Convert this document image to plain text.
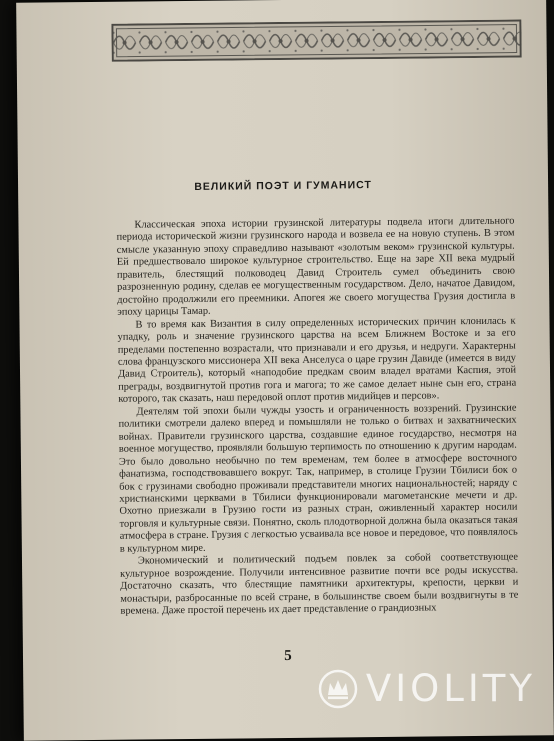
ВЕЛИКИЙ ПОЭТ И ГУМАНИСТ

Классическая эпоха истории грузинской литературы подвела итоги длительного периода исторической жизни грузинского народа и возвела ее на новую ступень. В этом смысле указанную эпоху справедливо называют «золотым веком» грузинской культуры. Ей предшествовало широкое культурное строительство. Еще на заре XII века мудрый правитель, блестящий полководец Давид Строитель сумел объединить свою разрозненную родину, сделав ее могущественным государством. Дело, начатое Давидом, достойно продолжили его преемники. Апогея же своего могущества Грузия достигла в эпоху царицы Тамар.

В то время как Византия в силу определенных исторических причин клонилась к упадку, роль и значение грузинского царства на всем Ближнем Востоке и за его пределами постепенно возрастали, что признавали и его друзья, и недруги. Характерны слова французского миссионера XII века Анселуса о царе грузин Давиде (имеется в виду Давид Строитель), который «наподобие предкам своим владел вратами Каспия, этой преграды, воздвигнутой против гога и магога; то же самое делает ныне сын его, страна которого, так сказать, наш передовой оплот против мидийцев и персов».

Деятелям той эпохи были чужды узость и ограниченность воззрений. Грузинские политики смотрели далеко вперед и помышляли не только о битвах и захватнических войнах. Правители грузинского царства, создавшие единое государство, несмотря на военное могущество, проявляли большую терпимость по отношению к другим народам. Это было довольно необычно по тем временам, тем более в атмосфере восточного фанатизма, господствовавшего вокруг. Так, например, в столице Грузии Тбилиси бок о бок с грузинами свободно проживали представители многих национальностей; наряду с христианскими церквами в Тбилиси функционировали магометанские мечети и др. Охотно приезжали в Грузию гости из разных стран, оживленный характер носили торговля и культурные связи. Понятно, сколь плодотворной должна была оказаться такая атмосфера в стране. Грузия с легкостью усваивала все новое и передовое, что появлялось в культурном мире.

Экономический и политический подъем повлек за собой соответствующее культурное возрождение. Получили интенсивное развитие почти все роды искусства. Достаточно сказать, что блестящие памятники архитектуры, крепости, церкви и монастыри, разбросанные по всей стране, в большинстве своем были воздвигнуты в те времена. Даже простой перечень их дает представление о грандиозных

5
VIOLITY
